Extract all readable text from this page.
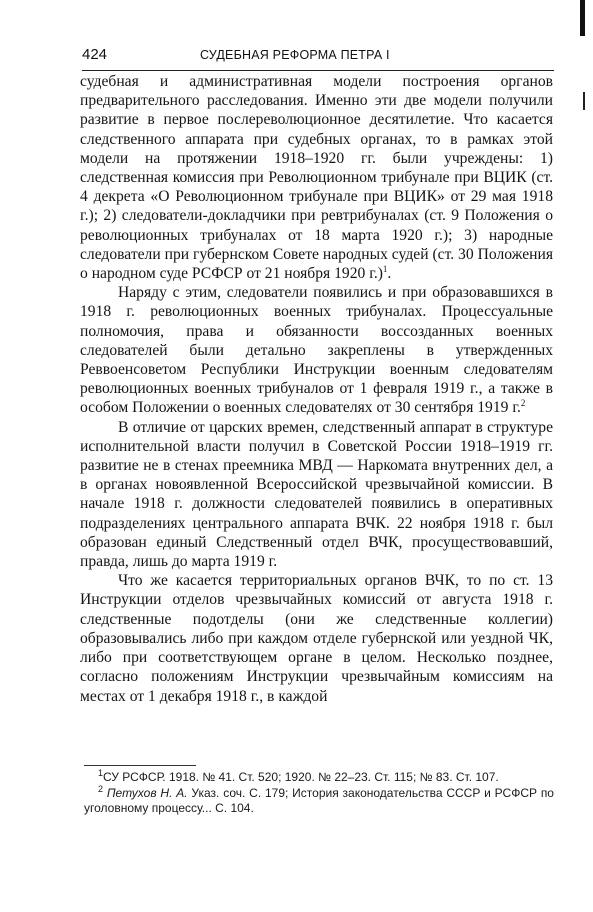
424	СУДЕБНАЯ РЕФОРМА ПЕТРА I

судебная и административная модели построения органов предварительного расследования. Именно эти две модели получили развитие в первое послереволюционное десятилетие. Что касается следственного аппарата при судебных органах, то в рамках этой модели на протяжении 1918–1920 гг. были учреждены: 1) следственная комиссия при Революционном трибунале при ВЦИК (ст. 4 декрета «О Революционном трибунале при ВЦИК» от 29 мая 1918 г.); 2) следователи-докладчики при ревтрибуналах (ст. 9 Положения о революционных трибуналах от 18 марта 1920 г.); 3) народные следователи при губернском Совете народных судей (ст. 30 Положения о народном суде РСФСР от 21 ноября 1920 г.)$^1$.

Наряду с этим, следователи появились и при образовавшихся в 1918 г. революционных военных трибуналах. Процессуальные полномочия, права и обязанности воссозданных военных следователей были детально закреплены в утвержденных Реввоенсоветом Республики Инструкции военным следователям революционных военных трибуналов от 1 февраля 1919 г., а также в особом Положении о военных следователях от 30 сентября 1919 г.$^2$

В отличие от царских времен, следственный аппарат в структуре исполнительной власти получил в Советской России 1918–1919 гг. развитие не в стенах преемника МВД — Наркомата внутренних дел, а в органах новоявленной Всероссийской чрезвычайной комиссии. В начале 1918 г. должности следователей появились в оперативных подразделениях центрального аппарата ВЧК. 22 ноября 1918 г. был образован единый Следственный отдел ВЧК, просуществовавший, правда, лишь до марта 1919 г.

Что же касается территориальных органов ВЧК, то по ст. 13 Инструкции отделов чрезвычайных комиссий от августа 1918 г. следственные подотделы (они же следственные коллегии) образовывались либо при каждом отделе губернской или уездной ЧК, либо при соответствующем органе в целом. Несколько позднее, согласно положениям Инструкции чрезвычайным комиссиям на местах от 1 декабря 1918 г., в каждой

$^1$СУ РСФСР. 1918. № 41. Ст. 520; 1920. № 22–23. Ст. 115; № 83. Ст. 107.

$^2$ Петухов Н. А. Указ. соч. С. 179; История законодательства СССР и РСФСР по уголовному процессу... С. 104.
